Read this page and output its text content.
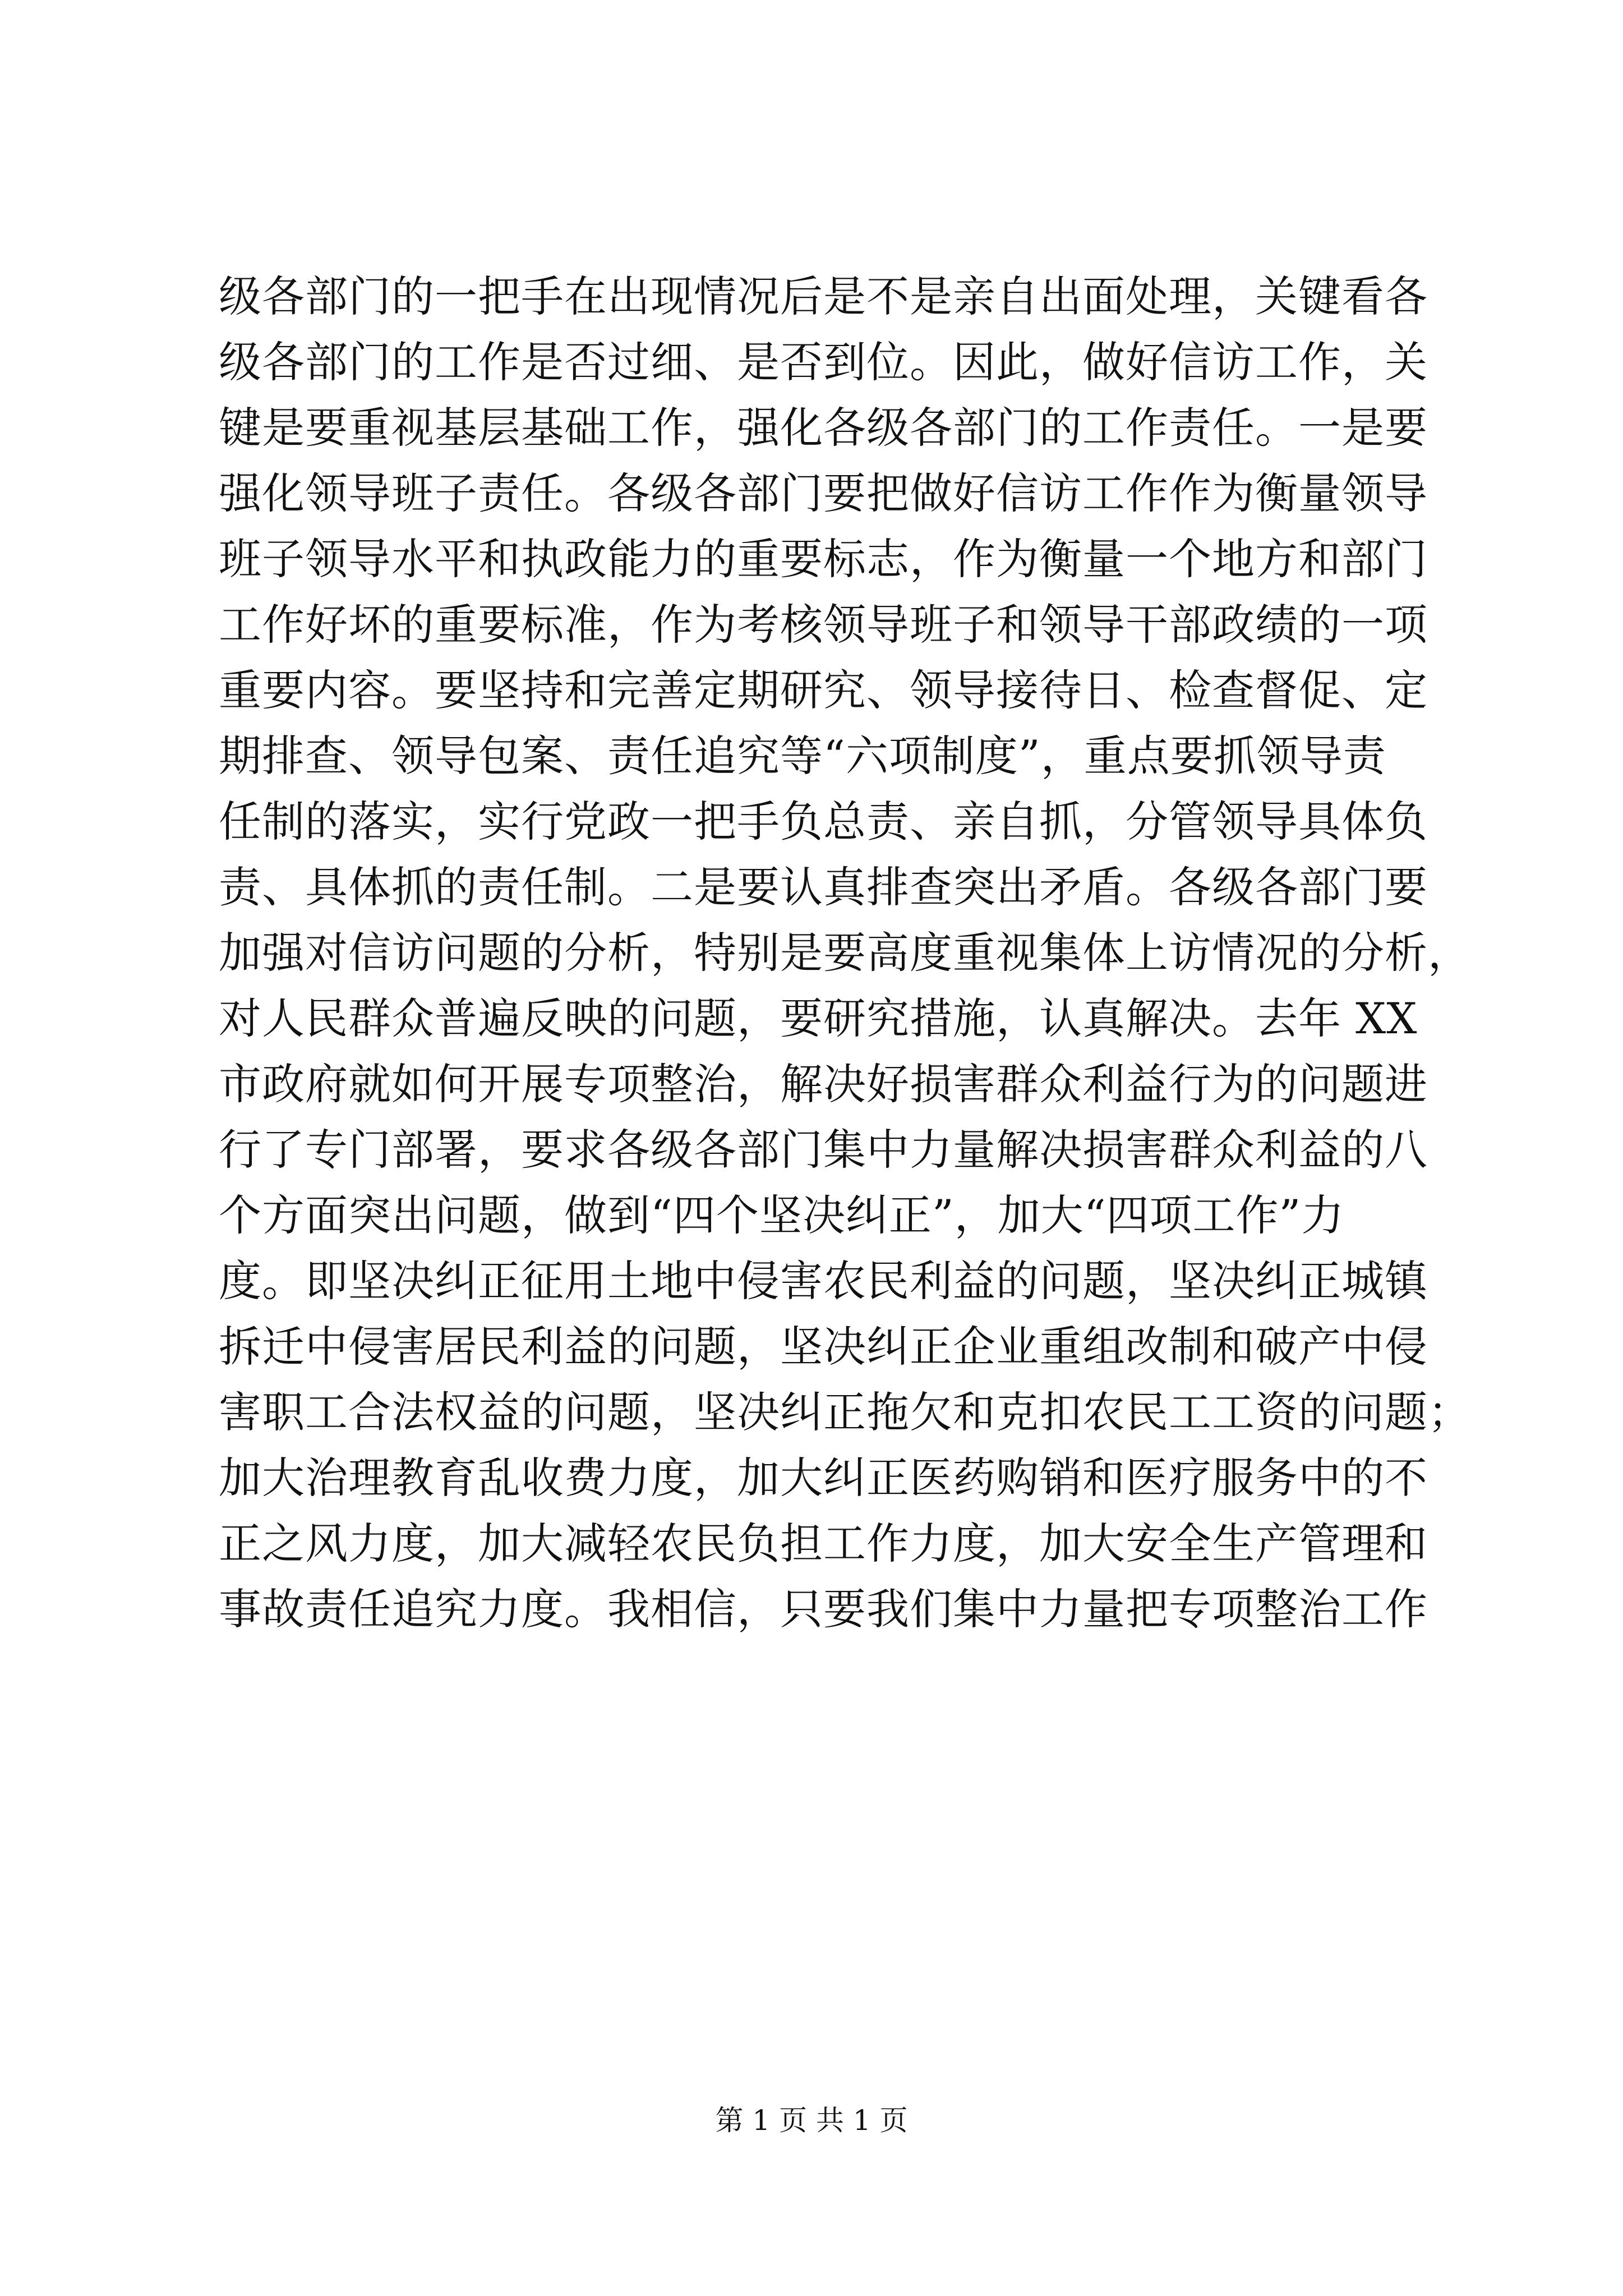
级各部门的一把手在出现情况后是不是亲自出面处理，关键看各
级各部门的工作是否过细、是否到位。因此，做好信访工作，关
键是要重视基层基础工作，强化各级各部门的工作责任。一是要
强化领导班子责任。各级各部门要把做好信访工作作为衡量领导
班子领导水平和执政能力的重要标志，作为衡量一个地方和部门
工作好坏的重要标准，作为考核领导班子和领导干部政绩的一项
重要内容。要坚持和完善定期研究、领导接待日、检查督促、定
期排查、领导包案、责任追究等“六项制度”，重点要抓领导责
任制的落实，实行党政一把手负总责、亲自抓，分管领导具体负
责、具体抓的责任制。二是要认真排查突出矛盾。各级各部门要
加强对信访问题的分析，特别是要高度重视集体上访情况的分析，
对人民群众普遍反映的问题，要研究措施，认真解决。去年 XX
市政府就如何开展专项整治，解决好损害群众利益行为的问题进
行了专门部署，要求各级各部门集中力量解决损害群众利益的八
个方面突出问题，做到“四个坚决纠正”，加大“四项工作”力
度。即坚决纠正征用土地中侵害农民利益的问题，坚决纠正城镇
拆迁中侵害居民利益的问题，坚决纠正企业重组改制和破产中侵
害职工合法权益的问题，坚决纠正拖欠和克扣农民工工资的问题；
加大治理教育乱收费力度，加大纠正医药购销和医疗服务中的不
正之风力度，加大减轻农民负担工作力度，加大安全生产管理和
事故责任追究力度。我相信，只要我们集中力量把专项整治工作
第 1 页 共 1 页
